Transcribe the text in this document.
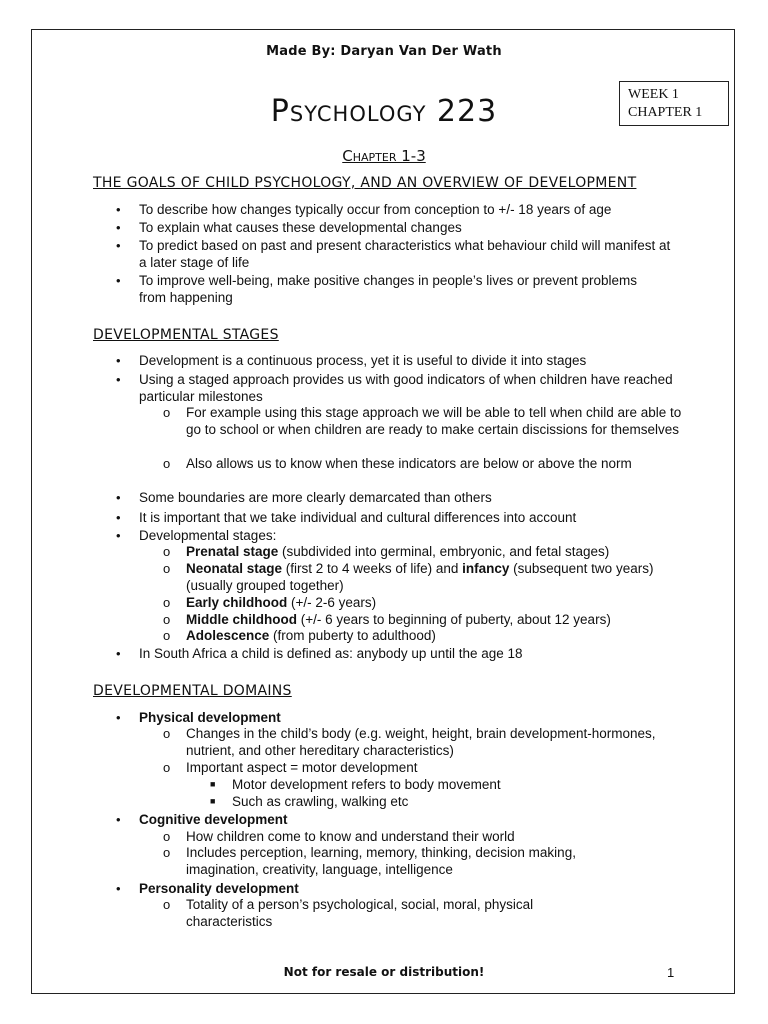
Made By: Daryan Van Der Wath
Psychology 223	WEEK 1
CHAPTER 1
Chapter 1-3
THE GOALS OF CHILD PSYCHOLOGY, AND AN OVERVIEW OF DEVELOPMENT
• To describe how changes typically occur from conception to +/- 18 years of age
• To explain what causes these developmental changes
• To predict based on past and present characteristics what behaviour child will manifest at a later stage of life
• To improve well-being, make positive changes in people’s lives or prevent problems from happening
DEVELOPMENTAL STAGES
• Development is a continuous process, yet it is useful to divide it into stages
• Using a staged approach provides us with good indicators of when children have reached particular milestones
o For example using this stage approach we will be able to tell when child are able to go to school or when children are ready to make certain discissions for themselves
o Also allows us to know when these indicators are below or above the norm
• Some boundaries are more clearly demarcated than others
• It is important that we take individual and cultural differences into account
• Developmental stages:
o Prenatal stage (subdivided into germinal, embryonic, and fetal stages)
o Neonatal stage (first 2 to 4 weeks of life) and infancy (subsequent two years) (usually grouped together)
o Early childhood (+/- 2-6 years)
o Middle childhood (+/- 6 years to beginning of puberty, about 12 years)
o Adolescence (from puberty to adulthood)
• In South Africa a child is defined as: anybody up until the age 18
DEVELOPMENTAL DOMAINS
• Physical development
o Changes in the child’s body (e.g. weight, height, brain development-hormones, nutrient, and other hereditary characteristics)
o Important aspect = motor development
■ Motor development refers to body movement
■ Such as crawling, walking etc
• Cognitive development
o How children come to know and understand their world
o Includes perception, learning, memory, thinking, decision making, imagination, creativity, language, intelligence
• Personality development
o Totality of a person’s psychological, social, moral, physical characteristics
Not for resale or distribution!	1
